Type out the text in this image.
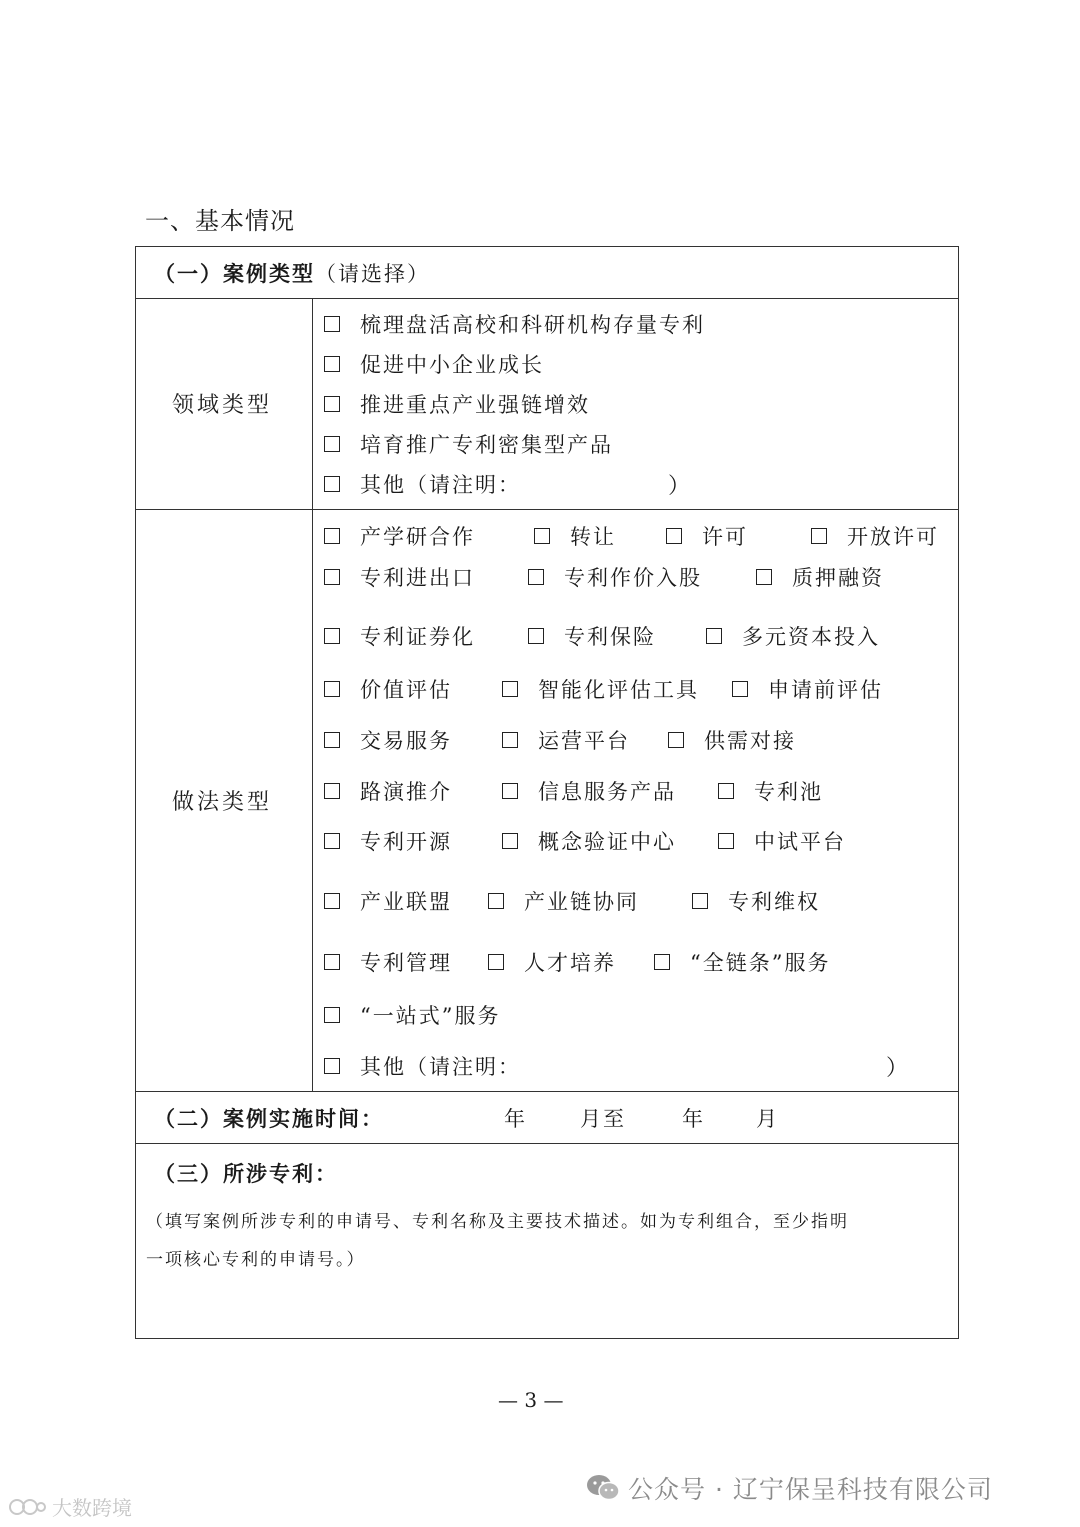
一、基本情况
（一）案例类型（请选择）
领域类型
梳理盘活高校和科研机构存量专利
促进中小企业成长
推进重点产业强链增效
培育推广专利密集型产品
其他（请注明：	）
做法类型
产学研合作	转让	许可	开放许可
专利进出口	专利作价入股	质押融资
专利证券化	专利保险	多元资本投入
价值评估	智能化评估工具	申请前评估
交易服务	运营平台	供需对接
路演推介	信息服务产品	专利池
专利开源	概念验证中心	中试平台
产业联盟	产业链协同	专利维权
专利管理	人才培养	“全链条”服务
“一站式”服务
其他（请注明：	）
（二）案例实施时间：	年	月至	年 月
（三）所涉专利：
（填写案例所涉专利的申请号、专利名称及主要技术描述。如为专利组合，至少指明
一项核心专利的申请号。）
— 3 —
公众号 · 辽宁保呈科技有限公司
大数跨境
